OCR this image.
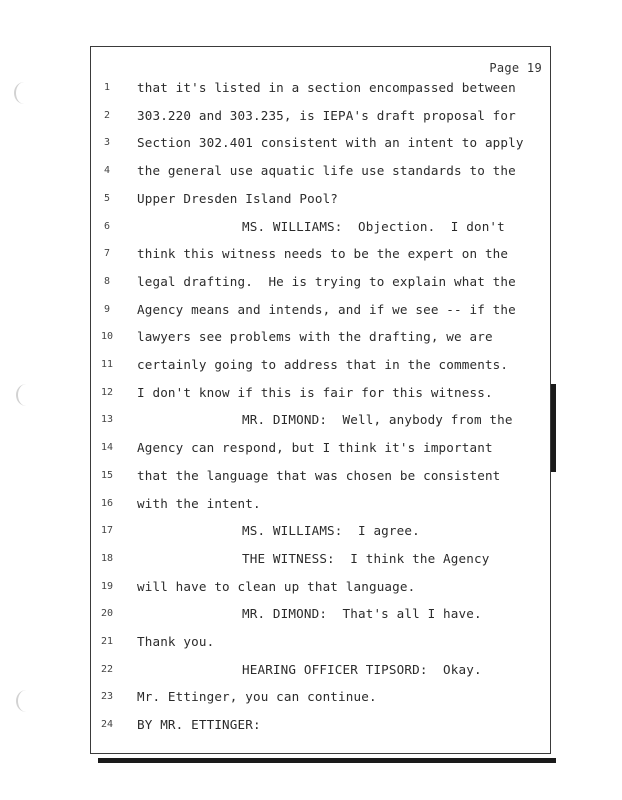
Page 19
1	that it's listed in a section encompassed between
2	303.220 and 303.235, is IEPA's draft proposal for
3	Section 302.401 consistent with an intent to apply
4	the general use aquatic life use standards to the
5	Upper Dresden Island Pool?
6	MS. WILLIAMS:  Objection.  I don't
7	think this witness needs to be the expert on the
8	legal drafting.  He is trying to explain what the
9	Agency means and intends, and if we see -- if the
10	lawyers see problems with the drafting, we are
11	certainly going to address that in the comments.
12	I don't know if this is fair for this witness.
13	MR. DIMOND:  Well, anybody from the
14	Agency can respond, but I think it's important
15	that the language that was chosen be consistent
16	with the intent.
17	MS. WILLIAMS:  I agree.
18	THE WITNESS:  I think the Agency
19	will have to clean up that language.
20	MR. DIMOND:  That's all I have.
21	Thank you.
22	HEARING OFFICER TIPSORD:  Okay.
23	Mr. Ettinger, you can continue.
24	BY MR. ETTINGER:
